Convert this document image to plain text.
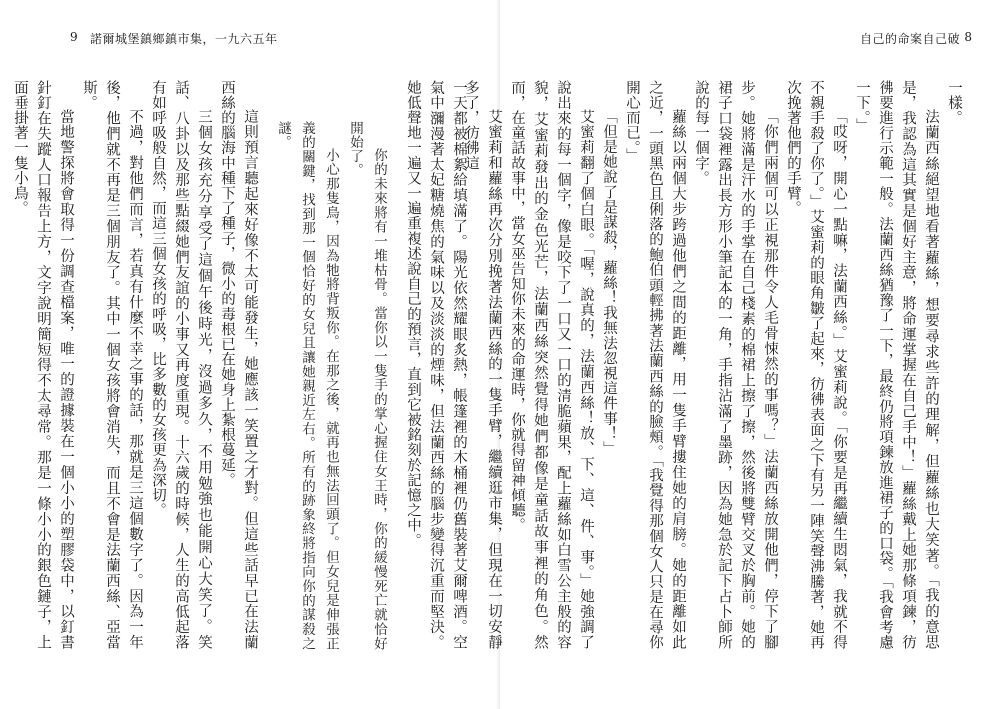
9 諾爾城堡鎮鄉鎮市集，一九六五年

一天都被棉絮給填滿了。陽光依然耀眼炙熱，帳篷裡的木桶裡仍舊裝著艾爾啤酒。空氣中瀰漫著太妃糖燒焦的氣味以及淡淡的煙味，但法蘭西絲的腦步變得沉重而堅決。她低聲地一遍又一遍重複述說自己的預言，直到它被銘刻於記憶之中。

你的未來將有一堆枯骨。當你以一隻手的掌心握住女王時，你的緩慢死亡就恰好開始了。

小心那隻鳥，因為牠將背叛你。在那之後，就再也無法回頭了。但女兒是伸張正義的關鍵，找到那一個恰好的女兒且讓她親近左右。所有的跡象終將指向你的謀殺之謎。

這則預言聽起來好像不太可能發生，她應該一笑置之才對。但這些話早已在法蘭西絲的腦海中種下了種子，微小的毒根已在她身上紮根蔓延。

三個女孩充分享受了這個午後時光，沒過多久，不用勉強也能開心大笑了。笑話、八卦以及那些點綴她們友誼的小事又再度重現。十六歲的時候，人生的高低起落有如呼吸般自然，而這三個女孩的呼吸，比多數的女孩更為深切。

不過，對他們而言，若真有什麼不幸之事的話，那就是三這個數字了。因為一年後，他們就不再是三個朋友了。其中一個女孩將會消失，而且不會是法蘭西絲、亞當斯。

當地警探將會取得一份調查檔案，唯一的證據裝在一個小小的塑膠袋中，以釘書針釘在失蹤人口報告上方，文字說明簡短得不太尋常。那是一條小小的銀色鏈子，上面垂掛著一隻小鳥。

自己的命案自己破 8

一樣。

法蘭西絲絕望地看著蘿絲，想要尋求些許的理解，但蘿絲也大笑著。「我的意思是，我認為這其實是個好主意，將命運掌握在自己手中！」蘿絲戴上她那條項鍊，彷彿要進行示範一般。法蘭西絲猶豫了一下，最終仍將項鍊放進裙子的口袋。「我會考慮一下。」

「哎呀，開心一點嘛，法蘭西絲。」艾蜜莉說。「你要是再繼續生悶氣，我就不得不親手殺了你了。」艾蜜莉的眼角皺了起來，彷彿表面之下有另一陣笑聲沸騰著，她再次挽著他們的手臂。

「你們兩個可以正視那件令人毛骨悚然的事嗎？」法蘭西絲放開他們，停下了腳步。她將滿是汗水的手掌在自己棧素的棉裙上擦了擦，然後將雙臂交叉於胸前。她的裙子口袋裡露出長方形小筆記本的一角，手指沾滿了墨跡，因為她急於記下占卜師所說的每一個字。

蘿絲以兩個大步跨過他們之間的距離，用一隻手臂摟住她的肩膀。她的距離如此之近，一頭黑色且俐落的鮑伯頭輕拂著法蘭西絲的臉頰。「我覺得那個女人只是在尋你開心而已。」

「但是她說了是謀殺，蘿絲！我無法忽視這件事！」

艾蜜莉翻了個白眼。「喔，說真的，法蘭西絲！放、下、這、件、事。」她強調了說出來的每一個字，像是咬下了一口又一口的清脆蘋果，配上蘿絲如白雪公主般的容貌，艾蜜莉發出的金色光芒，法蘭西絲突然覺得她們都像是童話故事裡的角色。然而，在童話故事中，當女巫告知你未來的命運時，你就得留神傾聽。

艾蜜莉和蘿絲再次分別挽著法蘭西絲的一隻手臂，繼續逛市集，但現在一切安靜多了，彷彿這
